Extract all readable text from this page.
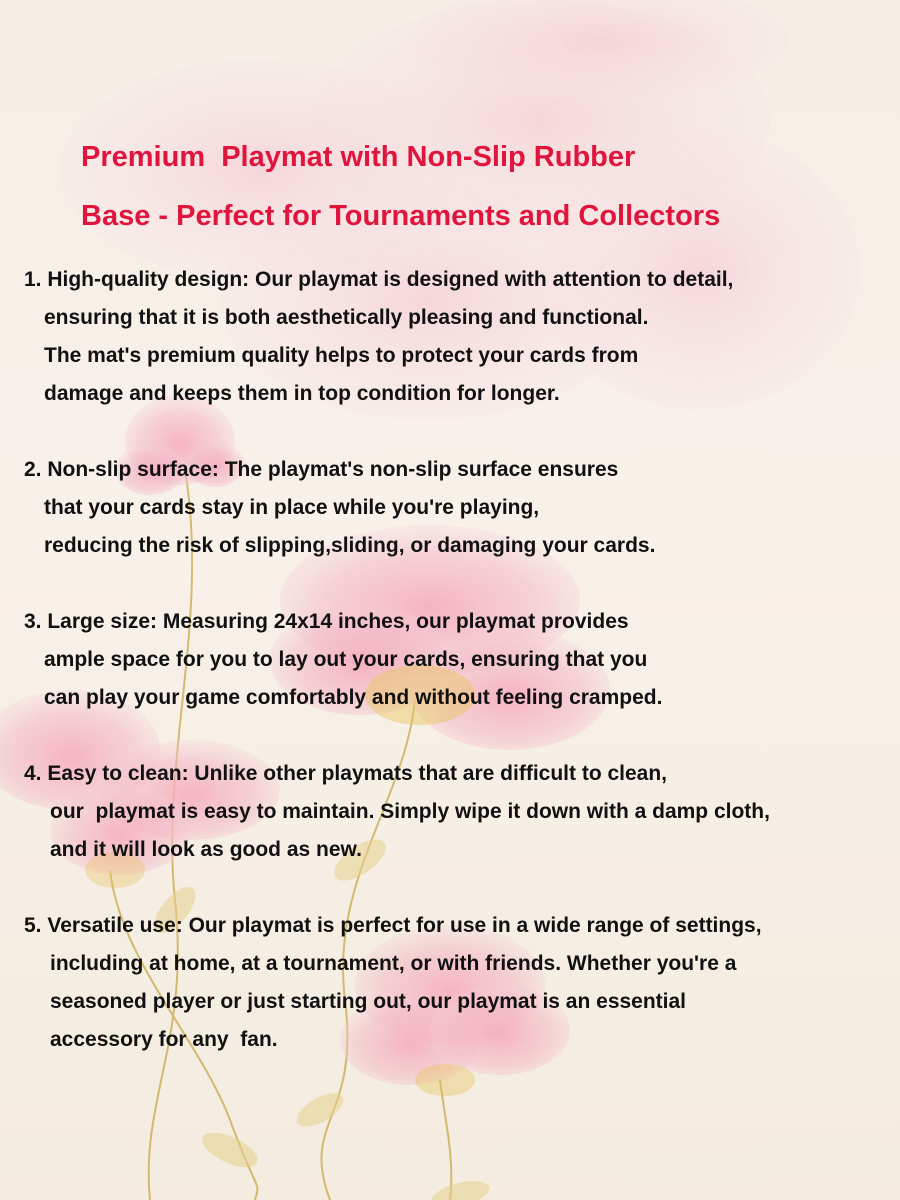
Premium  Playmat with Non-Slip Rubber
Base - Perfect for Tournaments and Collectors
1. High-quality design: Our playmat is designed with attention to detail,
ensuring that it is both aesthetically pleasing and functional.
The mat's premium quality helps to protect your cards from
damage and keeps them in top condition for longer.
2. Non-slip surface: The playmat's non-slip surface ensures
that your cards stay in place while you're playing,
reducing the risk of slipping,sliding, or damaging your cards.
3. Large size: Measuring 24x14 inches, our playmat provides
ample space for you to lay out your cards, ensuring that you
can play your game comfortably and without feeling cramped.
4. Easy to clean: Unlike other playmats that are difficult to clean,
our  playmat is easy to maintain. Simply wipe it down with a damp cloth,
and it will look as good as new.
5. Versatile use: Our playmat is perfect for use in a wide range of settings,
including at home, at a tournament, or with friends. Whether you're a
seasoned player or just starting out, our playmat is an essential
accessory for any  fan.
